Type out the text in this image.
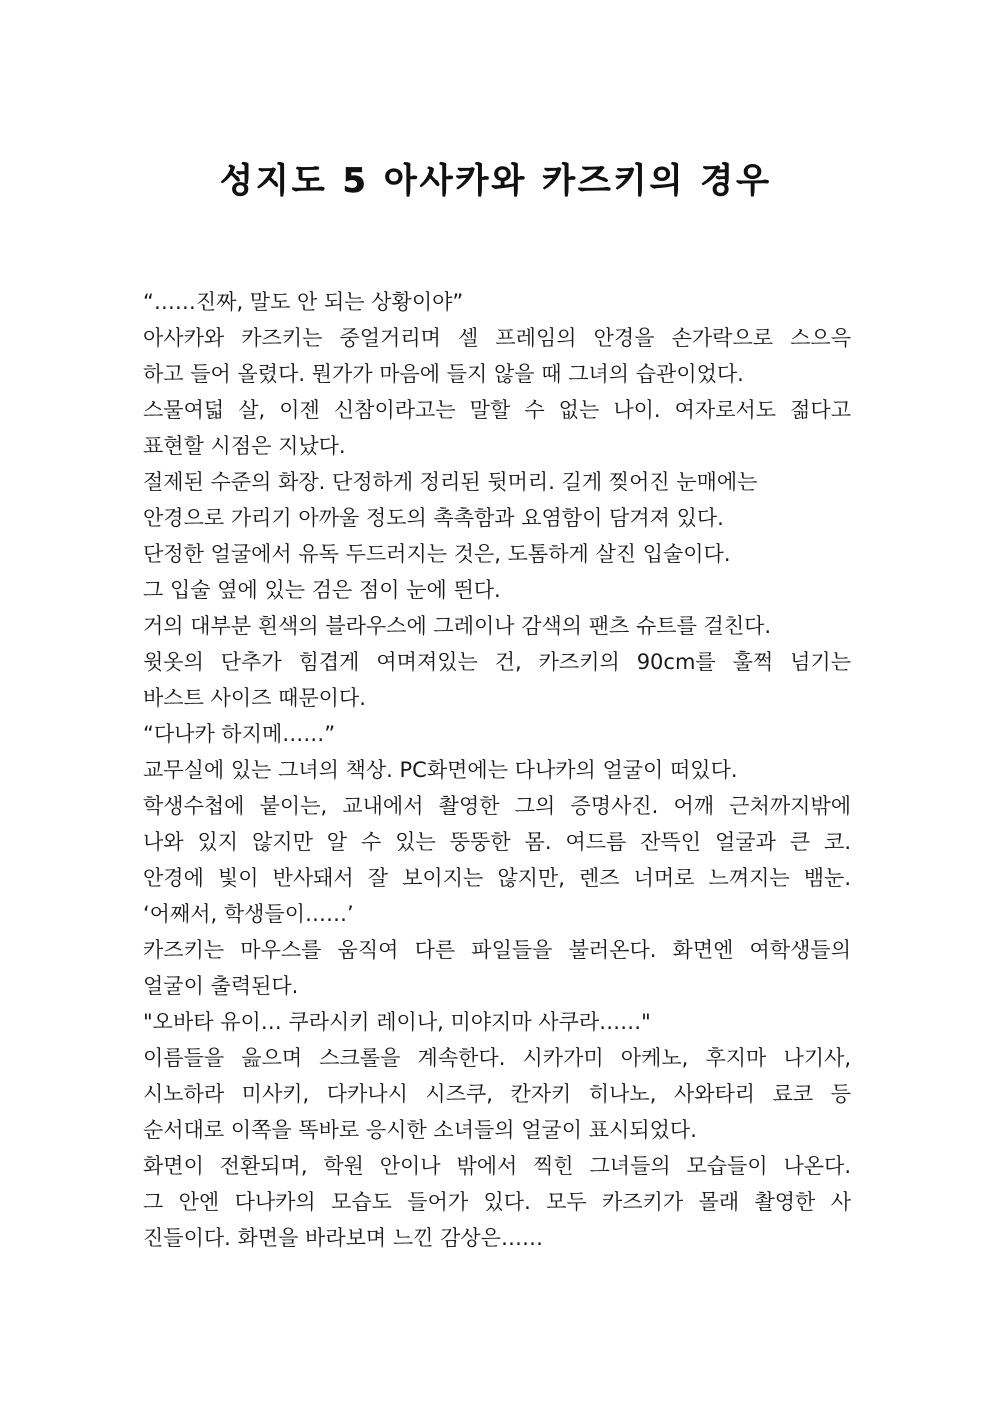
성지도 5 아사카와 카즈키의 경우
“……진짜, 말도 안 되는 상황이야”
아사카와 카즈키는 중얼거리며 셀 프레임의 안경을 손가락으로 스으윽
하고 들어 올렸다. 뭔가가 마음에 들지 않을 때 그녀의 습관이었다.
스물여덟 살, 이젠 신참이라고는 말할 수 없는 나이. 여자로서도 젊다고
표현할 시점은 지났다.
절제된 수준의 화장. 단정하게 정리된 뒷머리. 길게 찢어진 눈매에는
안경으로 가리기 아까울 정도의 촉촉함과 요염함이 담겨져 있다.
단정한 얼굴에서 유독 두드러지는 것은, 도톰하게 살진 입술이다.
그 입술 옆에 있는 검은 점이 눈에 띈다.
거의 대부분 흰색의 블라우스에 그레이나 감색의 팬츠 슈트를 걸친다.
윗옷의 단추가 힘겹게 여며져있는 건, 카즈키의 90cm를 훌쩍 넘기는
바스트 사이즈 때문이다.
“다나카 하지메……”
교무실에 있는 그녀의 책상. PC화면에는 다나카의 얼굴이 떠있다.
학생수첩에 붙이는, 교내에서 촬영한 그의 증명사진. 어깨 근처까지밖에
나와 있지 않지만 알 수 있는 뚱뚱한 몸. 여드름 잔뜩인 얼굴과 큰 코.
안경에 빛이 반사돼서 잘 보이지는 않지만, 렌즈 너머로 느껴지는 뱀눈.
‘어째서, 학생들이……’
카즈키는 마우스를 움직여 다른 파일들을 불러온다. 화면엔 여학생들의
얼굴이 출력된다.
"오바타 유이… 쿠라시키 레이나, 미야지마 사쿠라……"
이름들을 읊으며 스크롤을 계속한다. 시카가미 아케노, 후지마 나기사,
시노하라 미사키, 다카나시 시즈쿠, 칸자키 히나노, 사와타리 료코 등
순서대로 이쪽을 똑바로 응시한 소녀들의 얼굴이 표시되었다.
화면이 전환되며, 학원 안이나 밖에서 찍힌 그녀들의 모습들이 나온다.
그 안엔 다나카의 모습도 들어가 있다. 모두 카즈키가 몰래 촬영한 사
진들이다. 화면을 바라보며 느낀 감상은……
